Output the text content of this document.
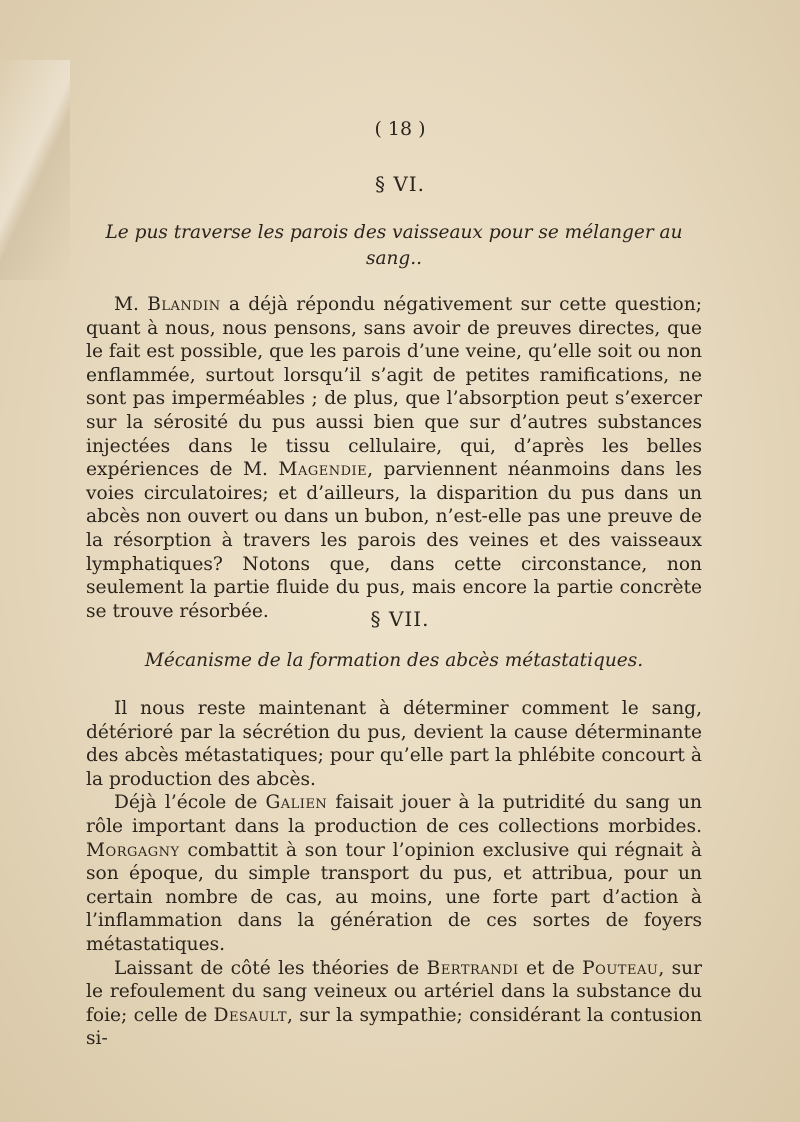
( 18 )
§ VI.
Le pus traverse les parois des vaisseaux pour se mélanger au sang..

M. Blandin a déjà répondu négativement sur cette question; quant à nous, nous pensons, sans avoir de preuves directes, que le fait est possible, que les parois d’une veine, qu’elle soit ou non enflammée, surtout lorsqu’il s’agit de petites ramifications, ne sont pas imperméables ; de plus, que l’absorption peut s’exercer sur la sérosité du pus aussi bien que sur d’autres substances injectées dans le tissu cellulaire, qui, d’après les belles expériences de M. Magendie, parviennent néanmoins dans les voies circulatoires; et d’ailleurs, la disparition du pus dans un abcès non ouvert ou dans un bubon, n’est-elle pas une preuve de la résorption à travers les parois des veines et des vaisseaux lymphatiques? Notons que, dans cette circonstance, non seulement la partie fluide du pus, mais encore la partie concrète se trouve résorbée.	§ VII.
Mécanisme de la formation des abcès métastatiques.

Il nous reste maintenant à déterminer comment le sang, détérioré par la sécrétion du pus, devient la cause déterminante des abcès métastatiques; pour qu’elle part la phlébite concourt à la production des abcès.

Déjà l’école de Galien faisait jouer à la putridité du sang un rôle important dans la production de ces collections morbides. Morgagny combattit à son tour l’opinion exclusive qui régnait à son époque, du simple transport du pus, et attribua, pour un certain nombre de cas, au moins, une forte part d’action à l’inflammation dans la génération de ces sortes de foyers métastatiques.

Laissant de côté les théories de Bertrandi et de Pouteau, sur le refoulement du sang veineux ou artériel dans la substance du foie; celle de Desault, sur la sympathie; considérant la contusion si-
